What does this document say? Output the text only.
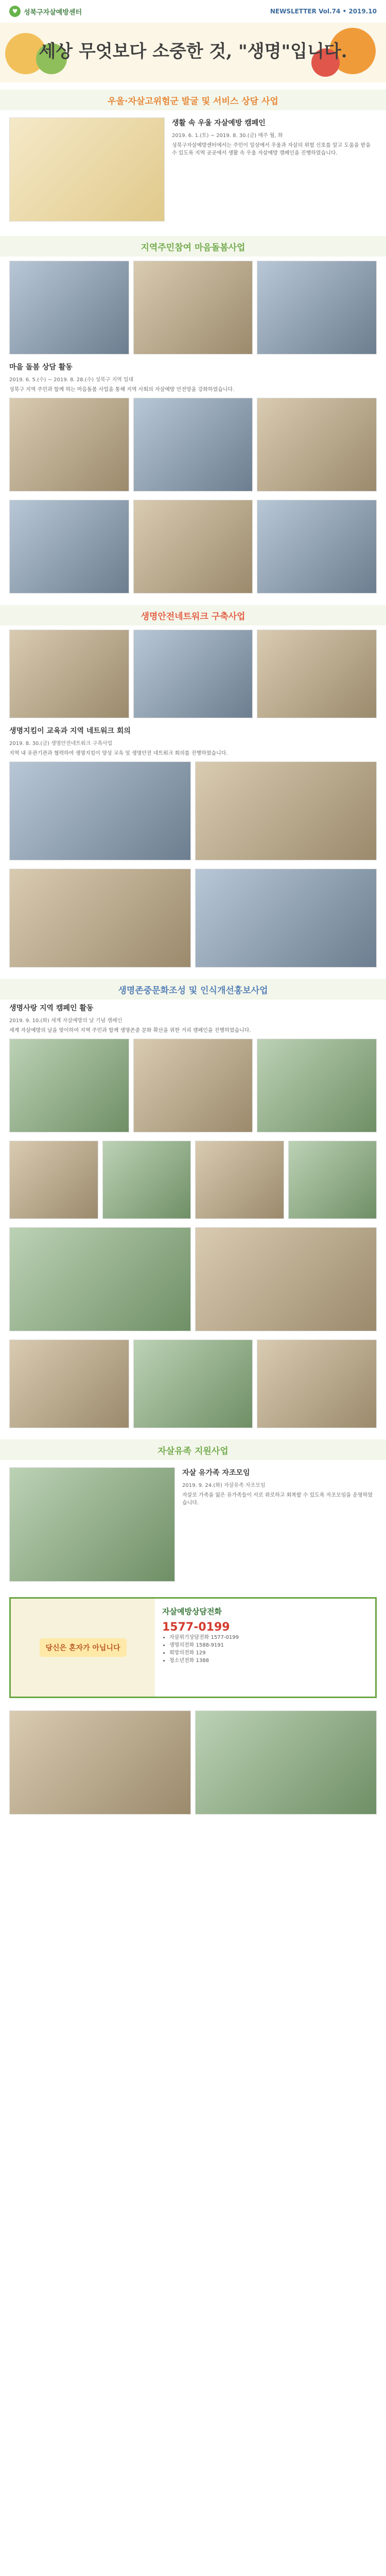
♥ 성북구자살예방센터	NEWSLETTER Vol.74 • 2019.10
세상 무엇보다 소중한 것, "생명"입니다.
우울·자살고위험군 발굴 및 서비스 상담 사업

생활 속 우울 자살예방 캠페인

2019. 6. 1.(토) ~ 2019. 8. 30.(금) 매주 월, 화

성북구자살예방센터에서는 주민이 일상에서 우울과 자살의 위험 신호를 알고 도움을 받을 수 있도록 지역 곳곳에서 생활 속 우울 자살예방 캠페인을 진행하였습니다.

지역주민참여 마음돌봄사업

마을 돌봄 상담 활동

2019. 6. 5.(수) ~ 2019. 8. 28.(수) 성북구 지역 일대

성북구 지역 주민과 함께 하는 마음돌봄 사업을 통해 지역 사회의 자살예방 안전망을 강화하였습니다.

생명안전네트워크 구축사업

생명지킴이 교육과 지역 네트워크 회의

2019. 8. 30.(금) 생명안전네트워크 구축사업

지역 내 유관기관과 협력하여 생명지킴이 양성 교육 및 생명안전 네트워크 회의를 진행하였습니다.

생명존중문화조성 및 인식개선홍보사업

생명사랑 지역 캠페인 활동

2019. 9. 10.(화) 세계 자살예방의 날 기념 캠페인

세계 자살예방의 날을 맞이하여 지역 주민과 함께 생명존중 문화 확산을 위한 거리 캠페인을 진행하였습니다.

자살유족 지원사업

자살 유가족 자조모임

2019. 9. 24.(화) 자살유족 자조모임

자살로 가족을 잃은 유가족들이 서로 위로하고 회복할 수 있도록 자조모임을 운영하였습니다.

당신은 혼자가 아닙니다

자살예방상담전화

1577-0199
• 자살위기상담전화 1577-0199
• 생명의전화 1588-9191
• 희망의전화 129
• 청소년전화 1388
